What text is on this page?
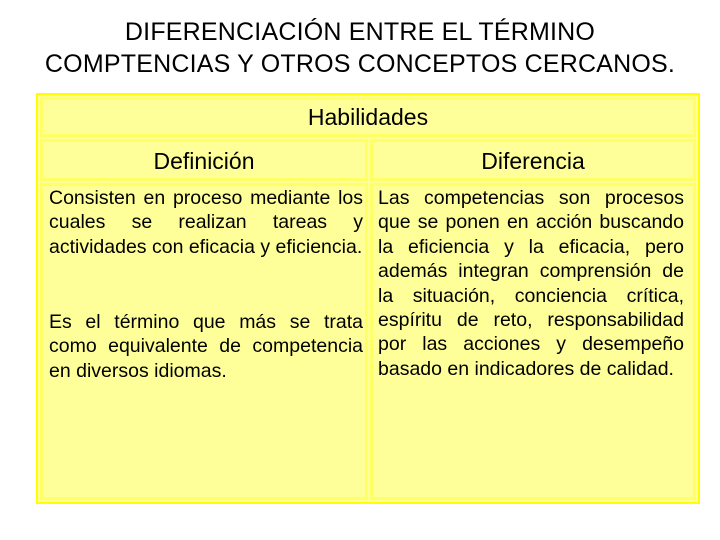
DIFERENCIACIÓN ENTRE EL TÉRMINO
COMPTENCIAS Y OTROS CONCEPTOS CERCANOS.
Habilidades
Definición	Diferencia

Consisten en proceso mediante los cuales se realizan tareas y actividades con eficacia y eficiencia.

Es el término que más se trata como equivalente de competencia en diversos idiomas.

Las competencias son procesos que se ponen en acción buscando la eficiencia y la eficacia, pero además integran comprensión de la situación, conciencia crítica, espíritu de reto, responsabilidad por las acciones y desempeño basado en indicadores de calidad.
